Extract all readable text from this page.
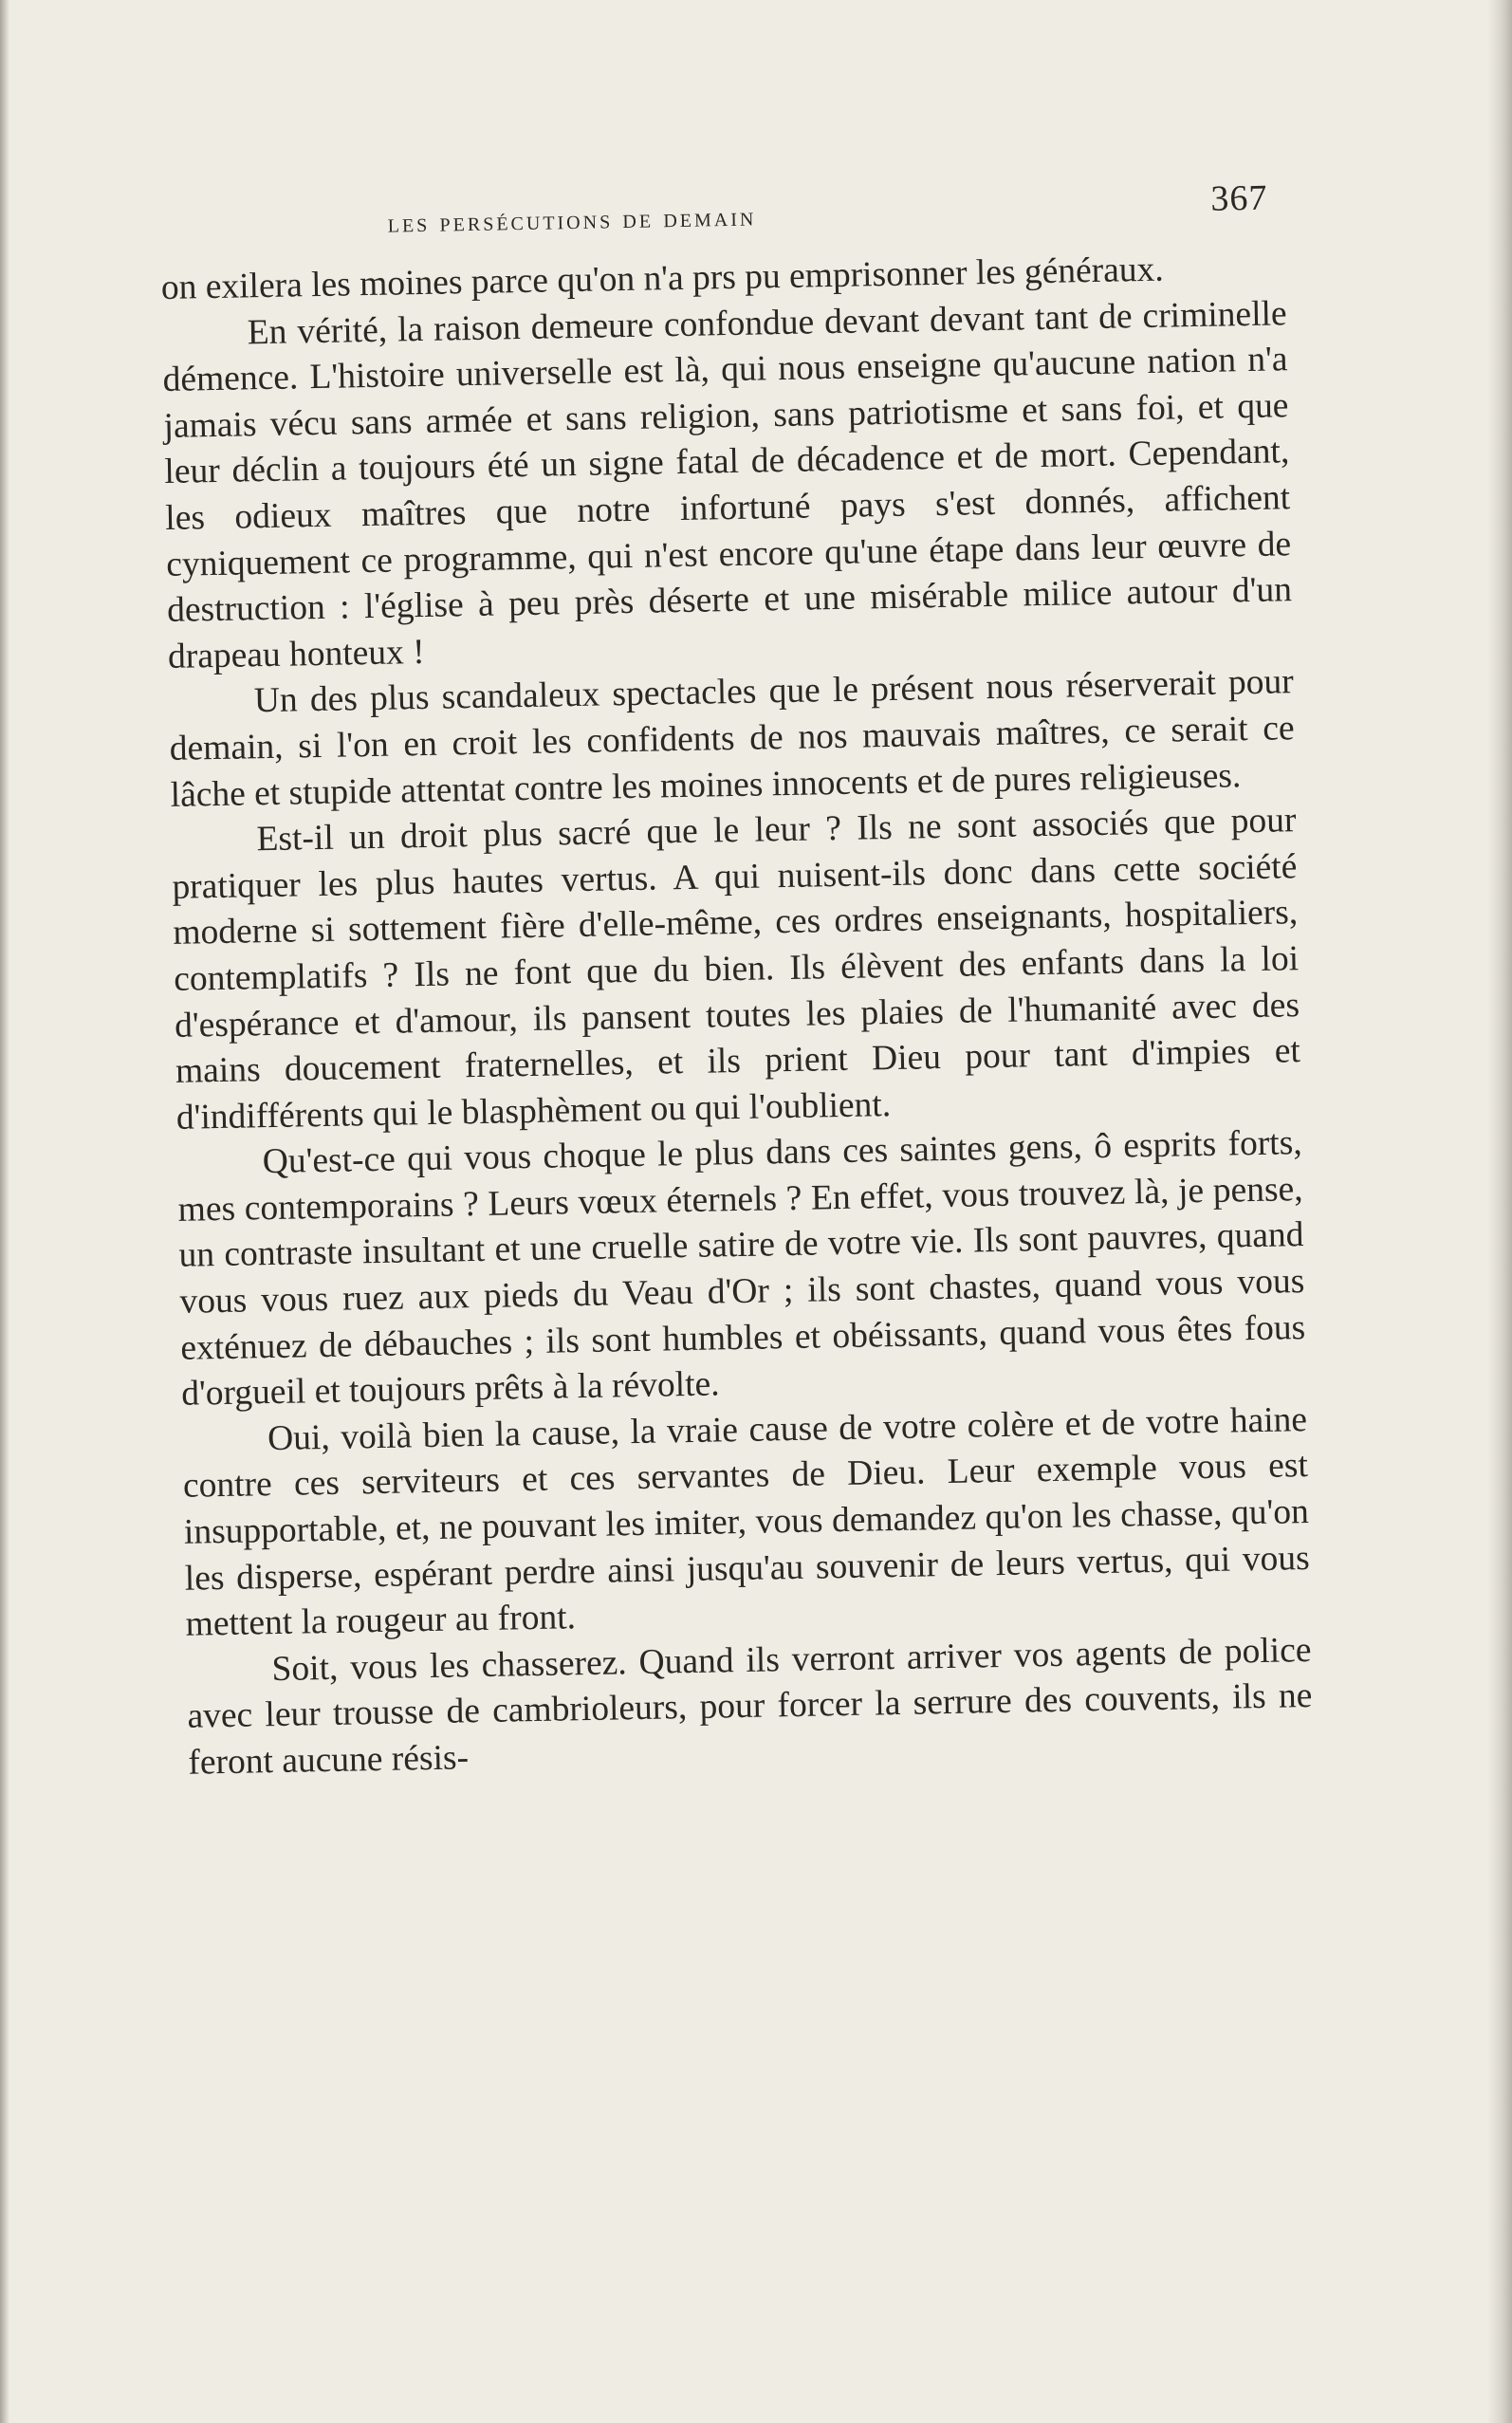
les persécutions de demain
367

on exilera les moines parce qu'on n'a prs pu emprisonner les généraux.

En vérité, la raison demeure confondue devant devant tant de criminelle démence. L'histoire universelle est là, qui nous enseigne qu'aucune nation n'a jamais vécu sans armée et sans religion, sans patriotisme et sans foi, et que leur déclin a toujours été un signe fatal de décadence et de mort. Cependant, les odieux maîtres que notre infortuné pays s'est donnés, affichent cyniquement ce programme, qui n'est encore qu'une étape dans leur œuvre de destruction : l'église à peu près déserte et une misérable milice autour d'un drapeau honteux !

Un des plus scandaleux spectacles que le présent nous réserverait pour demain, si l'on en croit les confidents de nos mauvais maîtres, ce serait ce lâche et stupide attentat contre les moines innocents et de pures religieuses.

Est-il un droit plus sacré que le leur ? Ils ne sont associés que pour pratiquer les plus hautes vertus. A qui nuisent-ils donc dans cette société moderne si sottement fière d'elle-même, ces ordres enseignants, hospitaliers, contemplatifs ? Ils ne font que du bien. Ils élèvent des enfants dans la loi d'espérance et d'amour, ils pansent toutes les plaies de l'humanité avec des mains doucement fraternelles, et ils prient Dieu pour tant d'impies et d'indifférents qui le blasphèment ou qui l'oublient.

Qu'est-ce qui vous choque le plus dans ces saintes gens, ô esprits forts, mes contemporains ? Leurs vœux éternels ? En effet, vous trouvez là, je pense, un contraste insultant et une cruelle satire de votre vie. Ils sont pauvres, quand vous vous ruez aux pieds du Veau d'Or ; ils sont chastes, quand vous vous exténuez de débauches ; ils sont humbles et obéissants, quand vous êtes fous d'orgueil et toujours prêts à la révolte.

Oui, voilà bien la cause, la vraie cause de votre colère et de votre haine contre ces serviteurs et ces servantes de Dieu. Leur exemple vous est insupportable, et, ne pouvant les imiter, vous demandez qu'on les chasse, qu'on les disperse, espérant perdre ainsi jusqu'au souvenir de leurs vertus, qui vous mettent la rougeur au front.

Soit, vous les chasserez. Quand ils verront arriver vos agents de police avec leur trousse de cambrioleurs, pour forcer la serrure des couvents, ils ne feront aucune résis-
